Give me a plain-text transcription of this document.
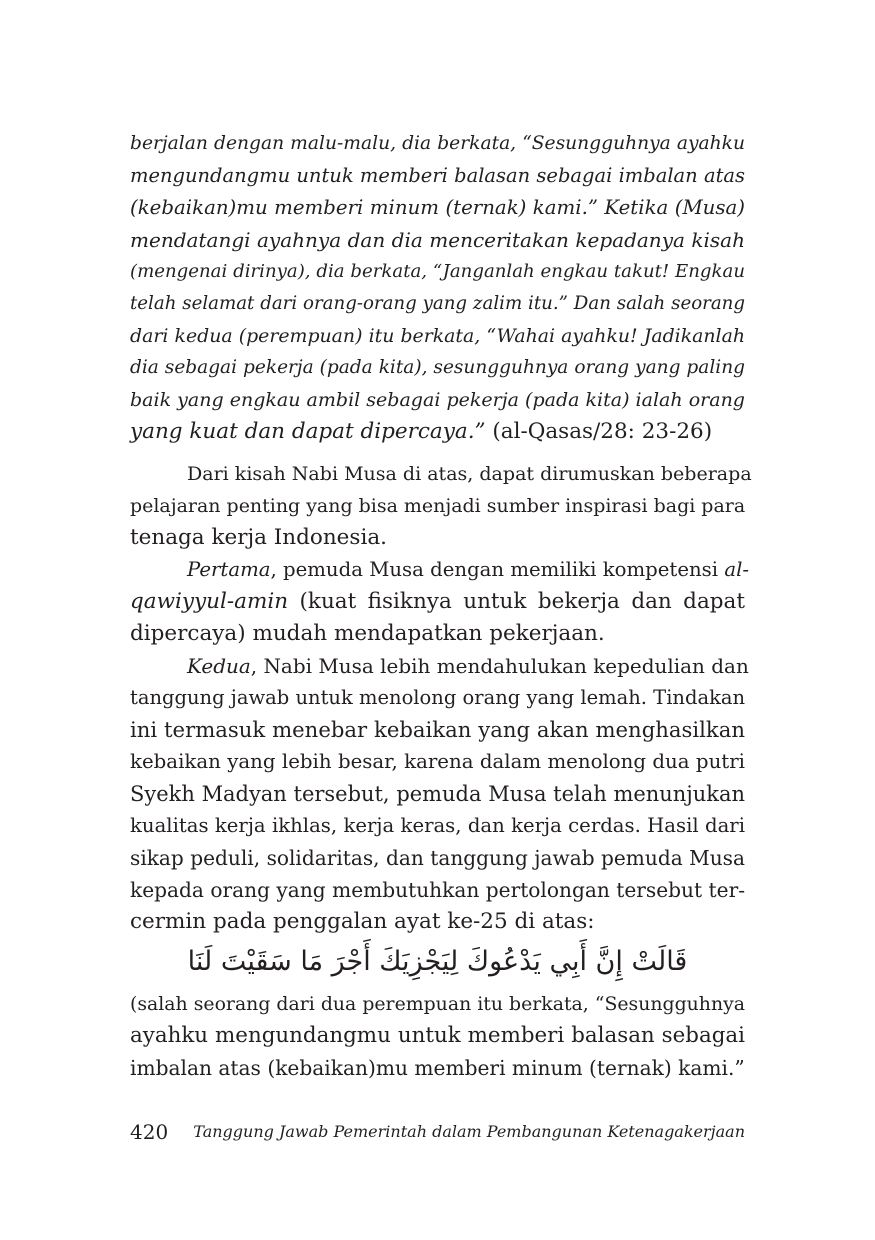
berjalan dengan malu-malu, dia berkata, “Sesungguhnya ayahku
mengundangmu untuk memberi balasan sebagai imbalan atas
(kebaikan)mu memberi minum (ternak) kami.” Ketika (Musa)
mendatangi ayahnya dan dia menceritakan kepadanya kisah
(mengenai dirinya), dia berkata, “Janganlah engkau takut! Engkau
telah selamat dari orang-orang yang zalim itu.” Dan salah seorang
dari kedua (perempuan) itu berkata, “Wahai ayahku! Jadikanlah
dia sebagai pekerja (pada kita), sesungguhnya orang yang paling
baik yang engkau ambil sebagai pekerja (pada kita) ialah orang
yang kuat dan dapat dipercaya.” (al-Qasas/28: 23-26)
Dari kisah Nabi Musa di atas, dapat dirumuskan beberapa
pelajaran penting yang bisa menjadi sumber inspirasi bagi para
tenaga kerja Indonesia.
Pertama, pemuda Musa dengan memiliki kompetensi al-
qawiyyul-amin (kuat fisiknya untuk bekerja dan dapat
dipercaya) mudah mendapatkan pekerjaan.
Kedua, Nabi Musa lebih mendahulukan kepedulian dan
tanggung jawab untuk menolong orang yang lemah. Tindakan
ini termasuk menebar kebaikan yang akan menghasilkan
kebaikan yang lebih besar, karena dalam menolong dua putri
Syekh Madyan tersebut, pemuda Musa telah menunjukan
kualitas kerja ikhlas, kerja keras, dan kerja cerdas. Hasil dari
sikap peduli, solidaritas, dan tanggung jawab pemuda Musa
kepada orang yang membutuhkan pertolongan tersebut ter-
cermin pada penggalan ayat ke-25 di atas:
قَالَتْ إِنَّ أَبِي يَدْعُوكَ لِيَجْزِيَكَ أَجْرَ مَا سَقَيْتَ لَنَا
(salah seorang dari dua perempuan itu berkata, “Sesungguhnya
ayahku mengundangmu untuk memberi balasan sebagai
imbalan atas (kebaikan)mu memberi minum (ternak) kami.”
420 Tanggung Jawab Pemerintah dalam Pembangunan Ketenagakerjaan
